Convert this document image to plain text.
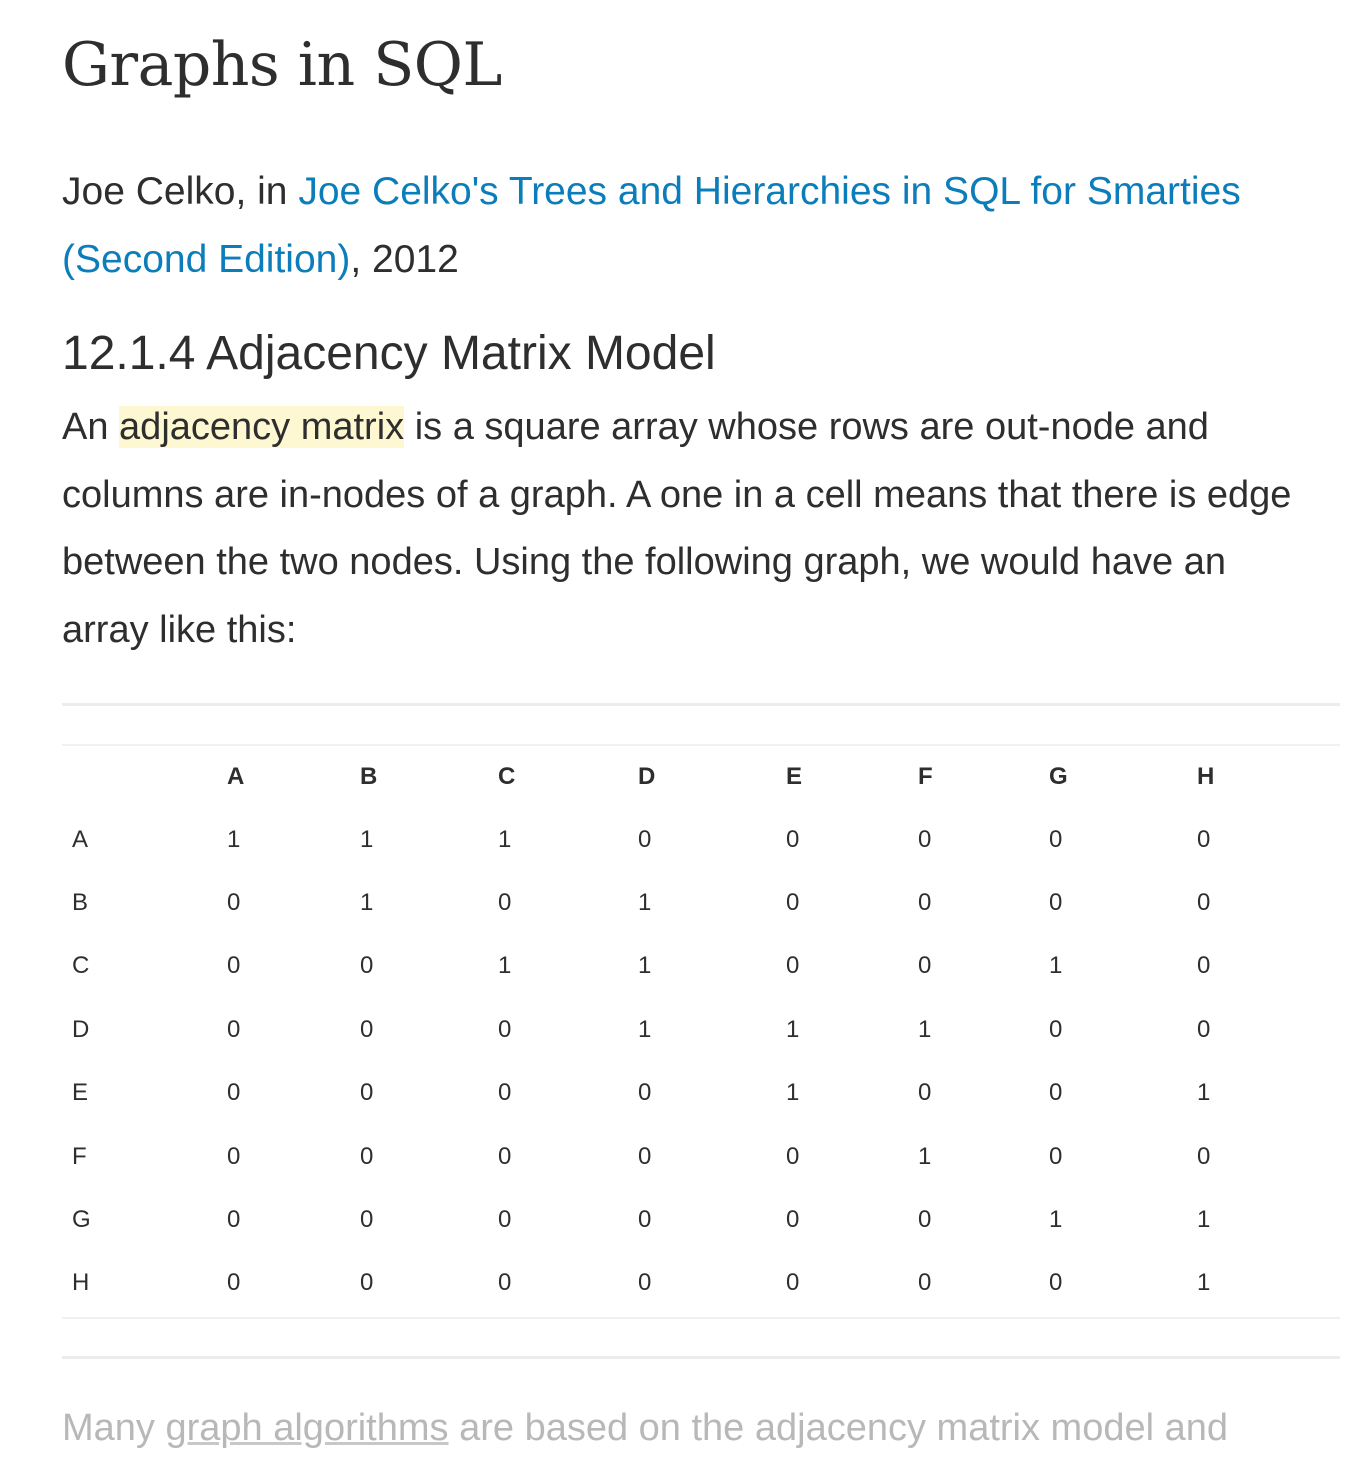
Graphs in SQL
Joe Celko, in Joe Celko's Trees and Hierarchies in SQL for Smarties (Second Edition), 2012
12.1.4 Adjacency Matrix Model

An adjacency matrix is a square array whose rows are out-node and columns are in-nodes of a graph. A one in a cell means that there is edge between the two nodes. Using the following graph, we would have an array like this:

	A	B	C	D	E	F	G	H
A	1	1	1	0	0	0	0	0
B	0	1	0	1	0	0	0	0
C	0	0	1	1	0	0	1	0
D	0	0	0	1	1	1	0	0
E	0	0	0	0	1	0	0	1
F	0	0	0	0	0	1	0	0
G	0	0	0	0	0	0	1	1
H	0	0	0	0	0	0	0	1

Many graph algorithms are based on the adjacency matrix model and
